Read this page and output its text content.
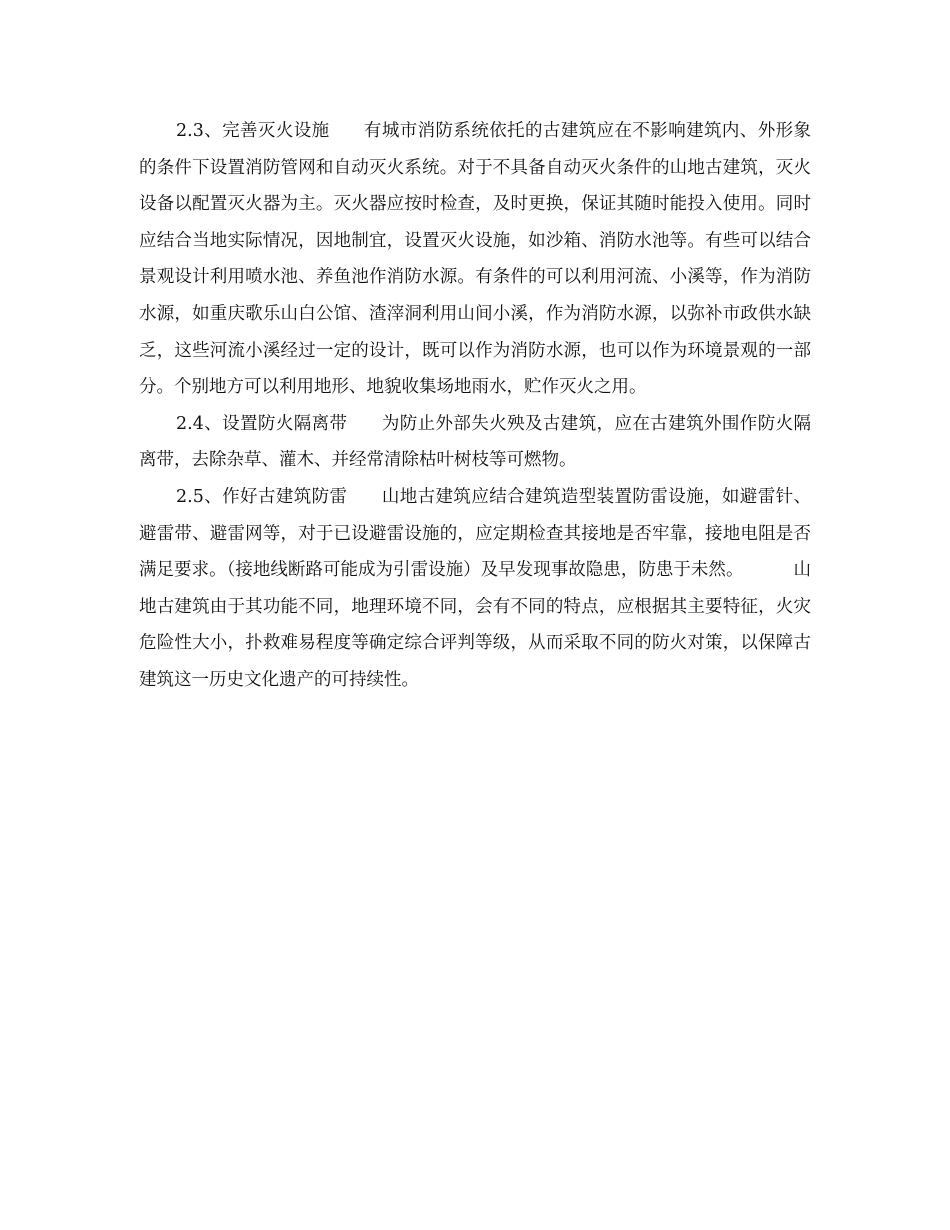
2.3、完善灭火设施 有城市消防系统依托的古建筑应在不影响建筑内、外形象的条件下设置消防管网和自动灭火系统。对于不具备自动灭火条件的山地古建筑，灭火设备以配置灭火器为主。灭火器应按时检查，及时更换，保证其随时能投入使用。同时应结合当地实际情况，因地制宜，设置灭火设施，如沙箱、消防水池等。有些可以结合景观设计利用喷水池、养鱼池作消防水源。有条件的可以利用河流、小溪等，作为消防水源，如重庆歌乐山白公馆、渣滓洞利用山间小溪，作为消防水源，以弥补市政供水缺乏，这些河流小溪经过一定的设计，既可以作为消防水源，也可以作为环境景观的一部分。个别地方可以利用地形、地貌收集场地雨水，贮作灭火之用。

2.4、设置防火隔离带 为防止外部失火殃及古建筑，应在古建筑外围作防火隔离带，去除杂草、灌木、并经常清除枯叶树枝等可燃物。

2.5、作好古建筑防雷 山地古建筑应结合建筑造型装置防雷设施，如避雷针、避雷带、避雷网等，对于已设避雷设施的，应定期检查其接地是否牢靠，接地电阻是否满足要求。（接地线断路可能成为引雷设施）及早发现事故隐患，防患于未然。	山地古建筑由于其功能不同，地理环境不同，会有不同的特点，应根据其主要特征，火灾危险性大小，扑救难易程度等确定综合评判等级，从而采取不同的防火对策，以保障古建筑这一历史文化遗产的可持续性。
